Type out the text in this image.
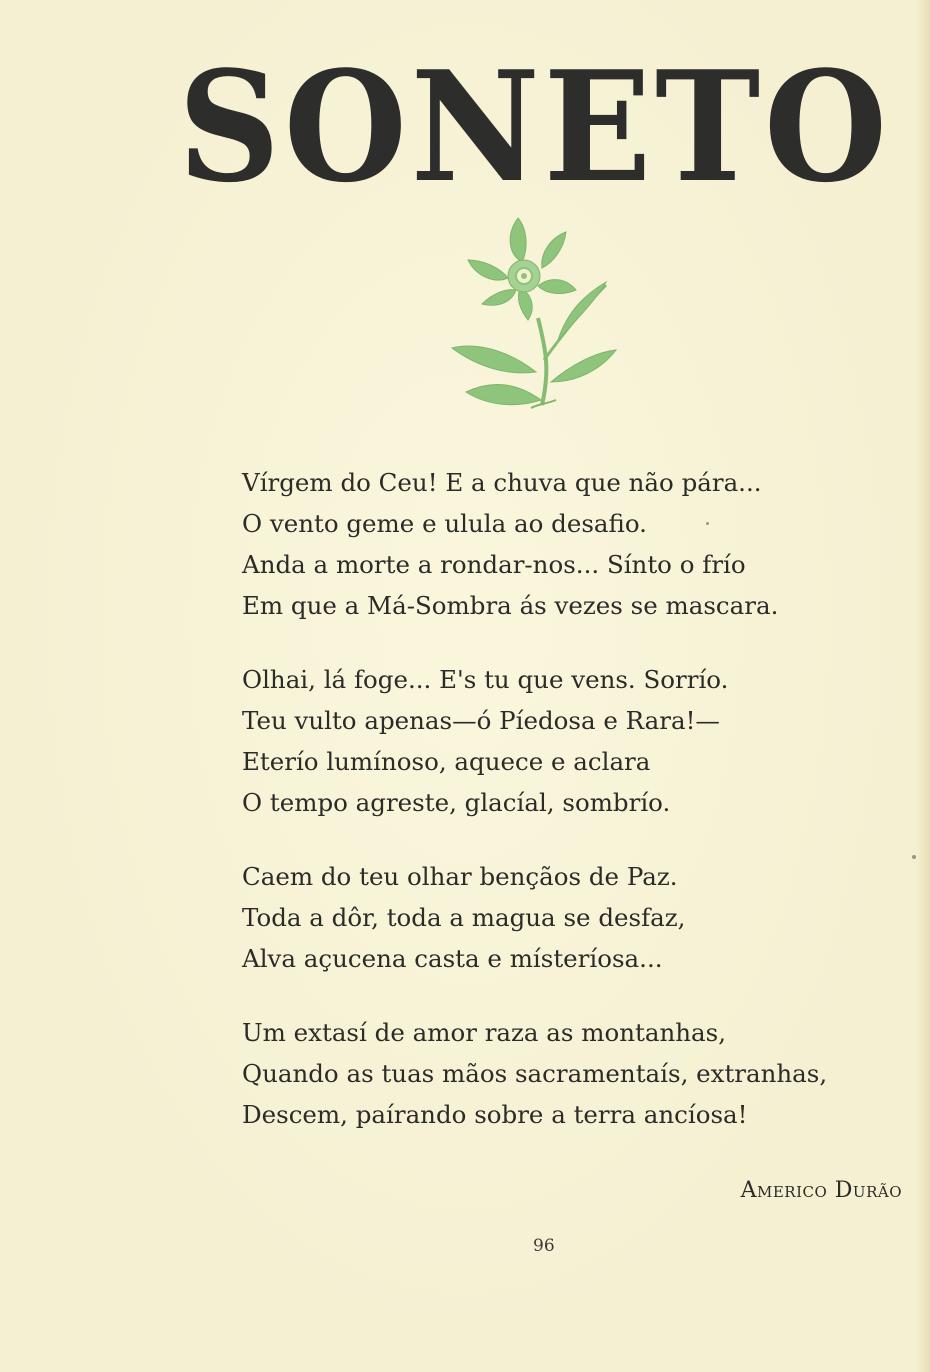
SONETO
Vírgem do Ceu! E a chuva que não pára...
O vento geme e ulula ao desafio.
Anda a morte a rondar-nos... Sínto o frío
Em que a Má-Sombra ás vezes se mascara.
Olhai, lá foge... E's tu que vens. Sorrío.
Teu vulto apenas—ó Píedosa e Rara!—
Eterío lumínoso, aquece e aclara
O tempo agreste, glacíal, sombrío.
Caem do teu olhar bençãos de Paz.
Toda a dôr, toda a magua se desfaz,
Alva açucena casta e místeríosa...
Um extasí de amor raza as montanhas,
Quando as tuas mãos sacramentaís, extranhas,
Descem, paírando sobre a terra ancíosa!
Americo Durão
96
